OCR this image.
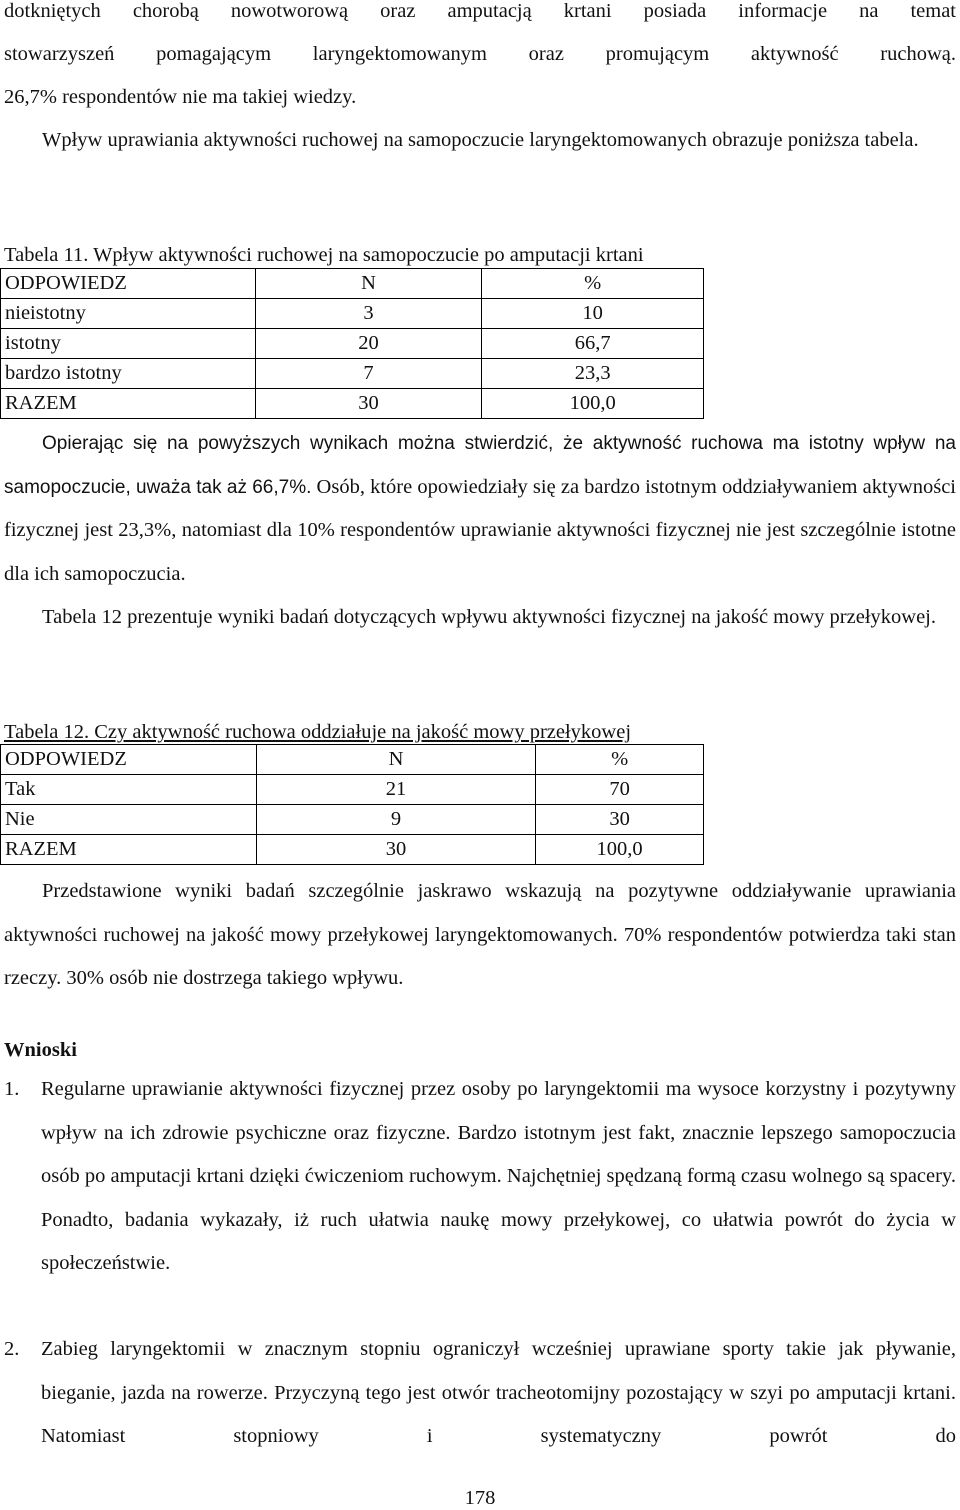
dotkniętych chorobą nowotworową oraz amputacją krtani posiada informacje na temat
stowarzyszeń pomagającym laryngektomowanym oraz promującym aktywność ruchową.
26,7% respondentów nie ma takiej wiedzy.
Wpływ uprawiania aktywności ruchowej na samopoczucie laryngektomowanych obrazuje poniższa tabela.
Tabela 11. Wpływ aktywności ruchowej na samopoczucie po amputacji krtani
ODPOWIEDZ	N	%
nieistotny	3	10
istotny	20	66,7
bardzo istotny	7	23,3
RAZEM	30	100,0
Opierając się na powyższych wynikach można stwierdzić, że aktywność ruchowa ma istotny wpływ na samopoczucie, uważa tak aż 66,7%. Osób, które opowiedziały się za bardzo istotnym oddziaływaniem aktywności fizycznej jest 23,3%, natomiast dla 10% respondentów uprawianie aktywności fizycznej nie jest szczególnie istotne dla ich samopoczucia.
Tabela 12 prezentuje wyniki badań dotyczących wpływu aktywności fizycznej na jakość mowy przełykowej.
Tabela 12. Czy aktywność ruchowa oddziałuje na jakość mowy przełykowej
ODPOWIEDZ	N	%
Tak	21	70
Nie	9	30
RAZEM	30	100,0
Przedstawione wyniki badań szczególnie jaskrawo wskazują na pozytywne oddziaływanie uprawiania aktywności ruchowej na jakość mowy przełykowej laryngektomowanych. 70% respondentów potwierdza taki stan rzeczy. 30% osób nie dostrzega takiego wpływu.
Wnioski
1. Regularne uprawianie aktywności fizycznej przez osoby po laryngektomii ma wysoce korzystny i pozytywny wpływ na ich zdrowie psychiczne oraz fizyczne. Bardzo istotnym jest fakt, znacznie lepszego samopoczucia osób po amputacji krtani dzięki ćwiczeniom ruchowym. Najchętniej spędzaną formą czasu wolnego są spacery. Ponadto, badania wykazały, iż ruch ułatwia naukę mowy przełykowej, co ułatwia powrót do życia w społeczeństwie.
2. Zabieg laryngektomii w znacznym stopniu ograniczył wcześniej uprawiane sporty takie jak pływanie, bieganie, jazda na rowerze. Przyczyną tego jest otwór tracheotomijny pozostający w szyi po amputacji krtani. Natomiast stopniowy i systematyczny powrót do
178
